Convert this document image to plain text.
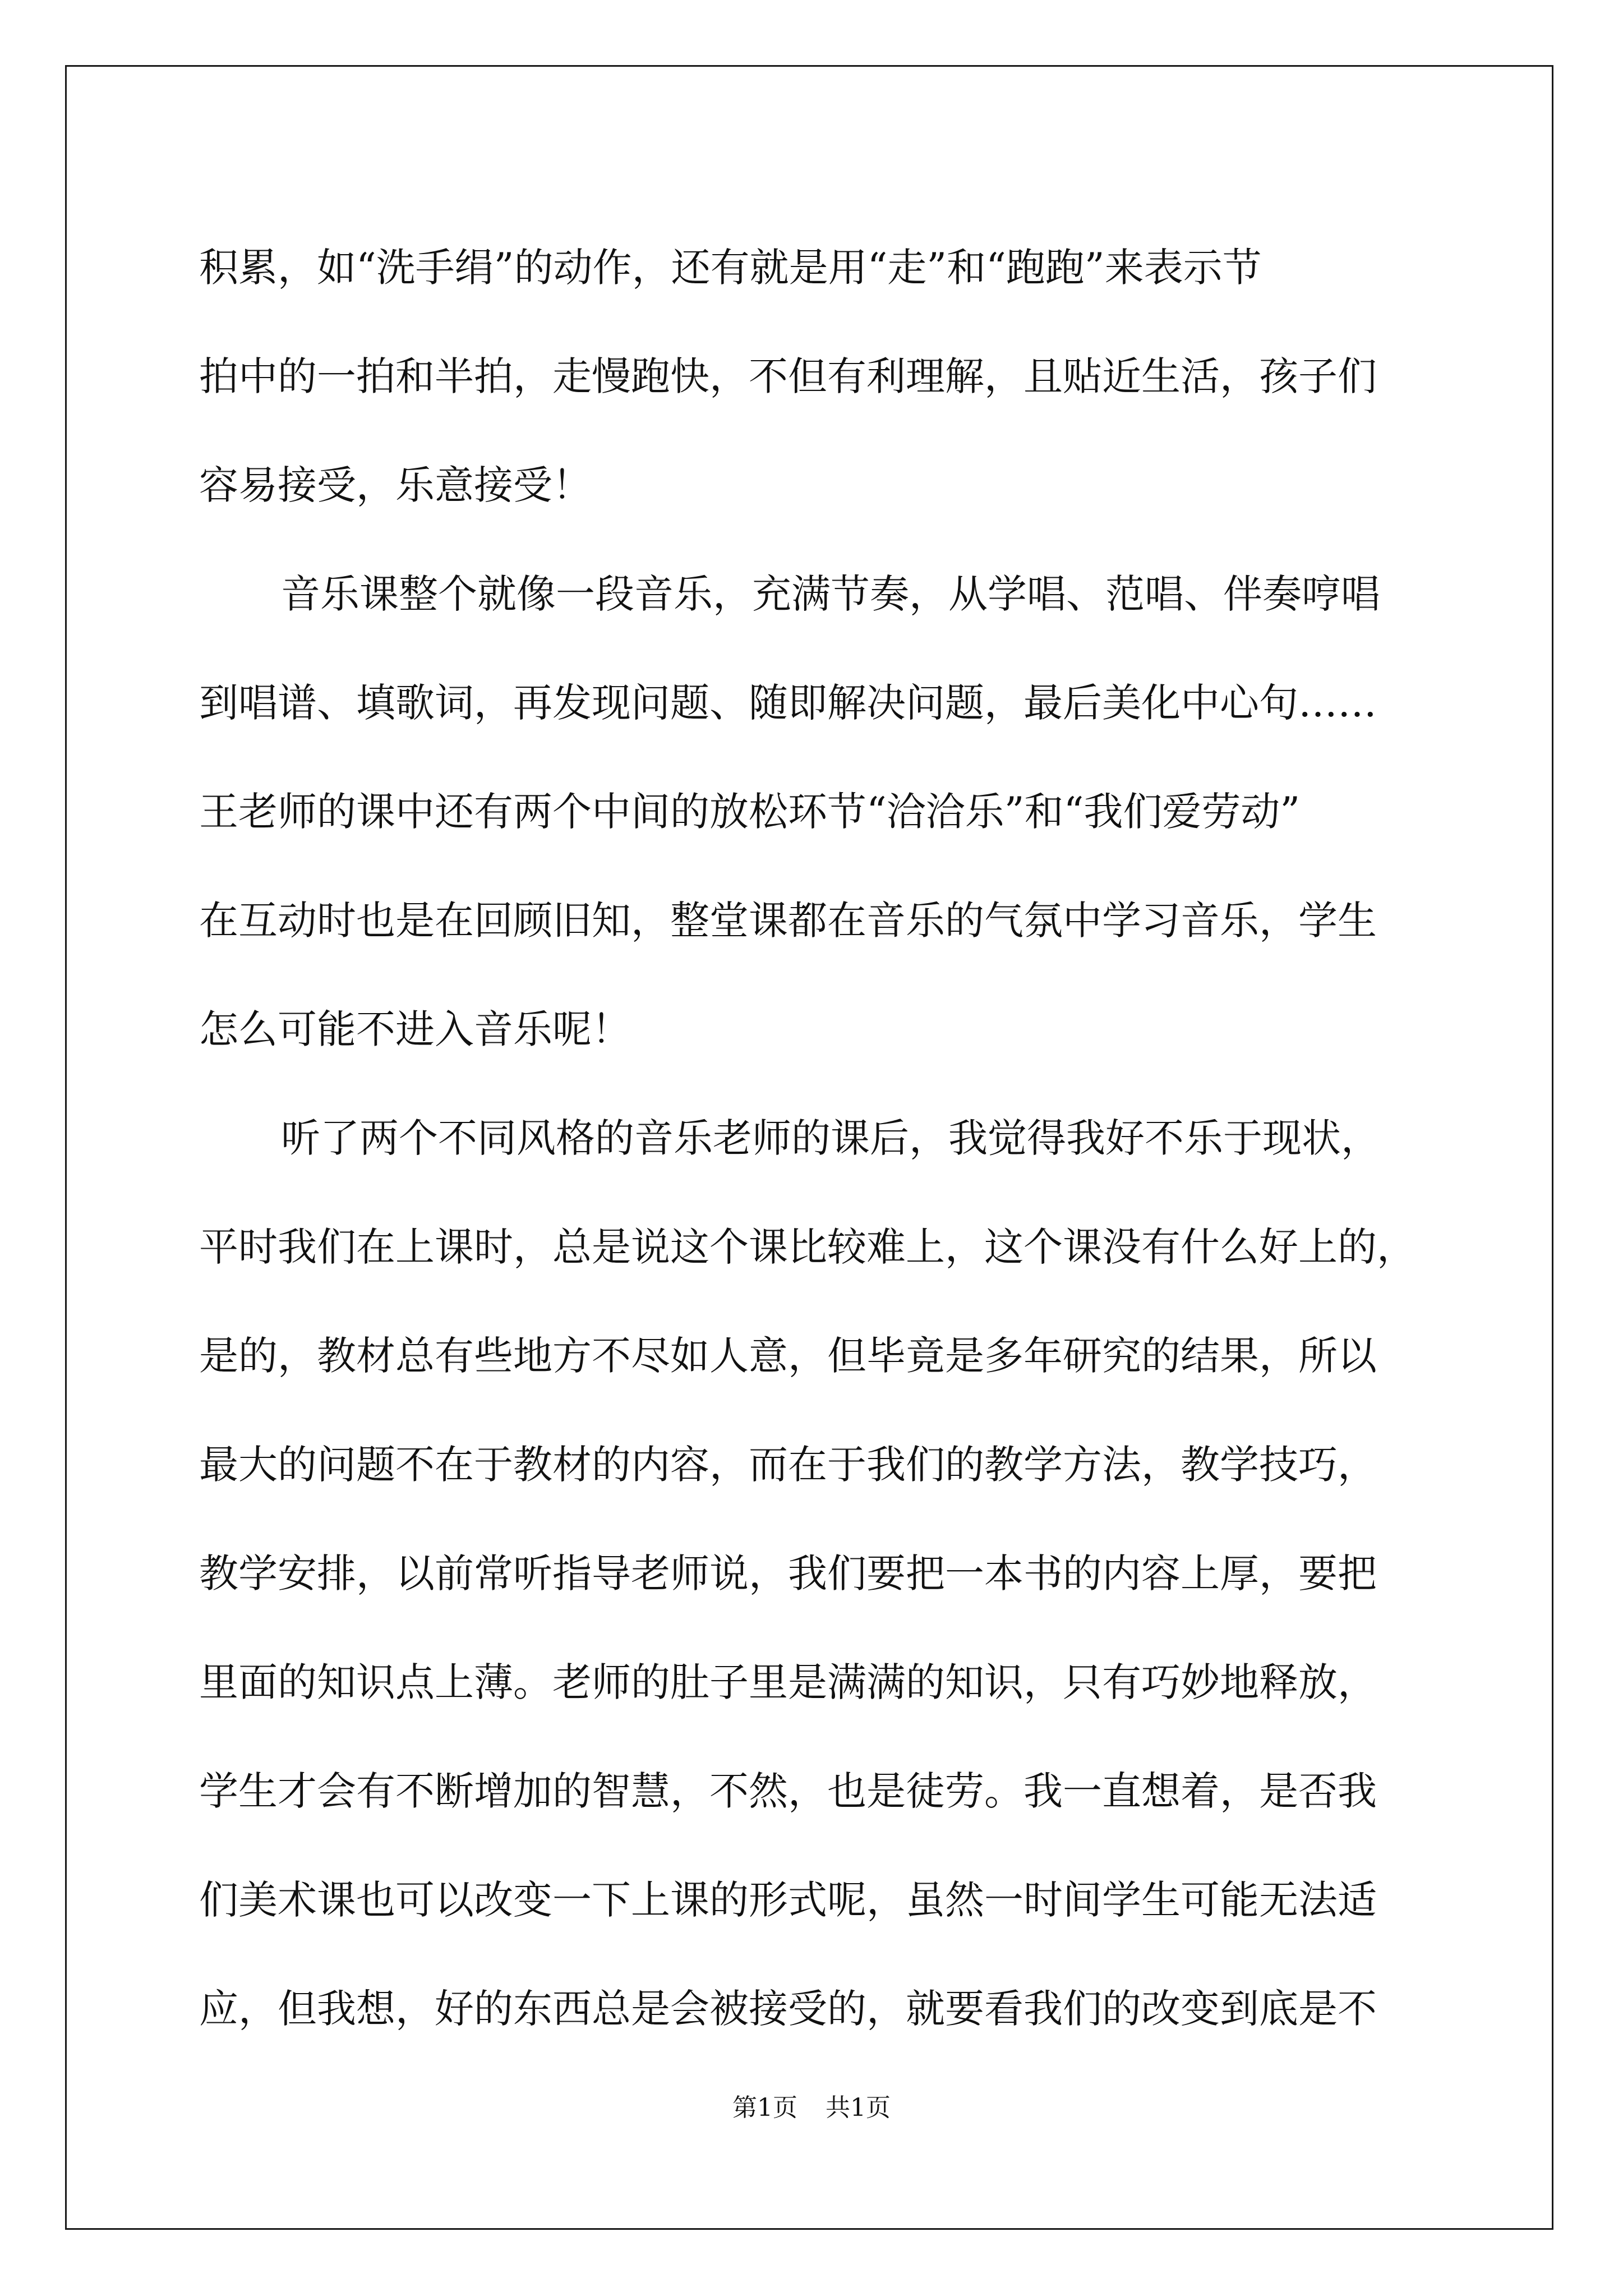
积累，如“洗手绢”的动作，还有就是用“走”和“跑跑”来表示节
拍中的一拍和半拍，走慢跑快，不但有利理解，且贴近生活，孩子们
容易接受，乐意接受！
音乐课整个就像一段音乐，充满节奏，从学唱、范唱、伴奏哼唱
到唱谱、填歌词，再发现问题、随即解决问题，最后美化中心句……
王老师的课中还有两个中间的放松环节“洽洽乐”和“我们爱劳动”
在互动时也是在回顾旧知，整堂课都在音乐的气氛中学习音乐，学生
怎么可能不进入音乐呢！
听了两个不同风格的音乐老师的课后，我觉得我好不乐于现状，
平时我们在上课时，总是说这个课比较难上，这个课没有什么好上的，
是的，教材总有些地方不尽如人意，但毕竟是多年研究的结果，所以
最大的问题不在于教材的内容，而在于我们的教学方法，教学技巧，
教学安排，以前常听指导老师说，我们要把一本书的内容上厚，要把
里面的知识点上薄。老师的肚子里是满满的知识，只有巧妙地释放，
学生才会有不断增加的智慧，不然，也是徒劳。我一直想着，是否我
们美术课也可以改变一下上课的形式呢，虽然一时间学生可能无法适
应，但我想，好的东西总是会被接受的，就要看我们的改变到底是不
第1页 共1页
